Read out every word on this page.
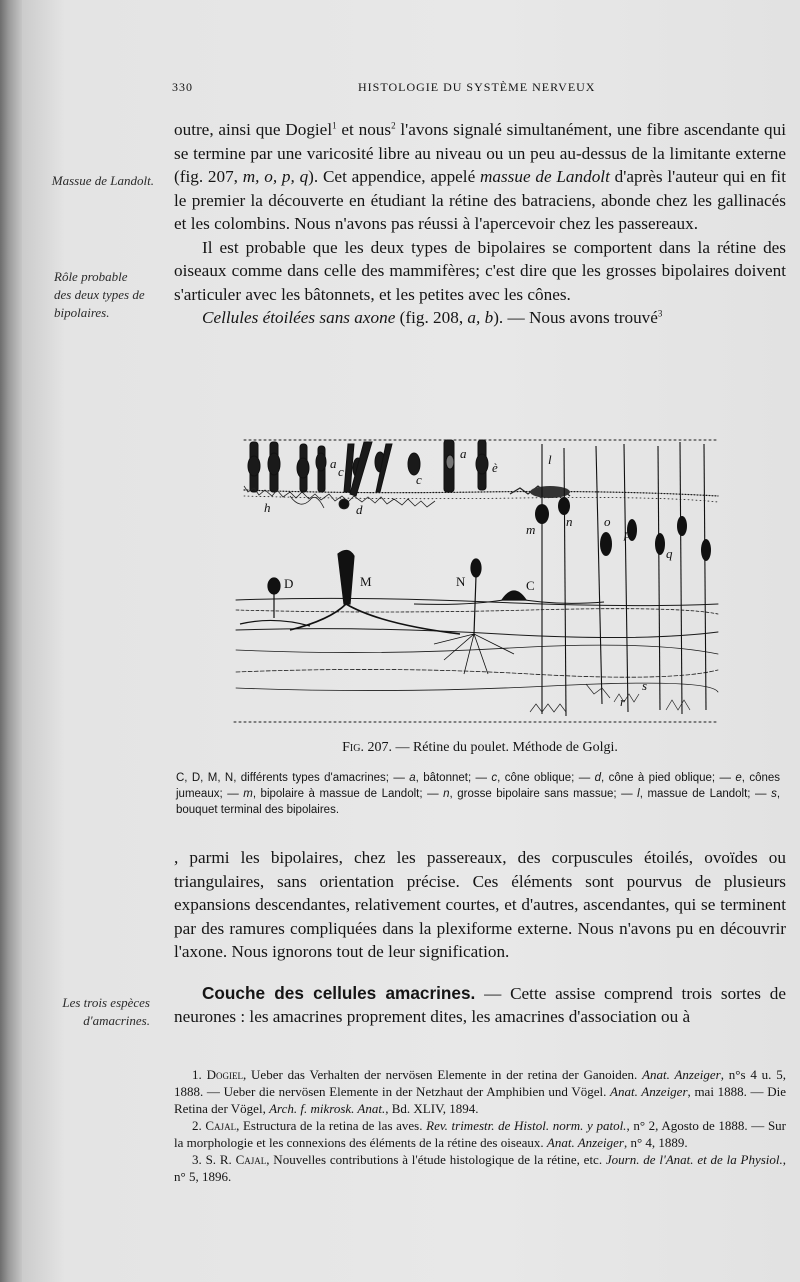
330	HISTOLOGIE DU SYSTÈME NERVEUX
Massue de Landolt.
Rôle probable des deux types de bipolaires.
Les trois espèces d'amacrines.

outre, ainsi que Dogiel$^1$ et nous$^2$ l'avons signalé simultanément, une fibre ascendante qui se termine par une varicosité libre au niveau ou un peu au-dessus de la limitante externe (fig. 207, m, o, p, q). Cet appendice, appelé massue de Landolt d'après l'auteur qui en fit le premier la découverte en étudiant la rétine des batraciens, abonde chez les gallinacés et les colombins. Nous n'avons pas réussi à l'apercevoir chez les passereaux.

Il est probable que les deux types de bipolaires se comportent dans la rétine des oiseaux comme dans celle des mammifères; c'est dire que les grosses bipolaires doivent s'articuler avec les bâtonnets, et les petites avec les cônes.

Cellules étoilées sans axone (fig. 208, a, b). — Nous avons trouvé$^3$

a
c
c
a
è
l
h	d
m
n o
p
q
s
r
D	M	N	C
Fig. 207. — Rétine du poulet. Méthode de Golgi.
C, D, M, N, différents types d'amacrines; — a, bâtonnet; — c, cône oblique; — d, cône à pied oblique; — e, cônes jumeaux; — m, bipolaire à massue de Landolt; — n, grosse bipolaire sans massue; — l, massue de Landolt; — s, bouquet terminal des bipolaires.

, parmi les bipolaires, chez les passereaux, des corpuscules étoilés, ovoïdes ou triangulaires, sans orientation précise. Ces éléments sont pourvus de plusieurs expansions descendantes, relativement courtes, et d'autres, ascendantes, qui se terminent par des ramures compliquées dans la plexiforme externe. Nous n'avons pu en découvrir l'axone. Nous ignorons tout de leur signification.

Couche des cellules amacrines. — Cette assise comprend trois sortes de neurones : les amacrines proprement dites, les amacrines d'association ou à

1. Dogiel, Ueber das Verhalten der nervösen Elemente in der retina der Ganoiden. Anat. Anzeiger, n°s 4 u. 5, 1888. — Ueber die nervösen Elemente in der Netzhaut der Amphibien und Vögel. Anat. Anzeiger, mai 1888. — Die Retina der Vögel, Arch. f. mikrosk. Anat., Bd. XLIV, 1894.

2. Cajal, Estructura de la retina de las aves. Rev. trimestr. de Histol. norm. y patol., n° 2, Agosto de 1888. — Sur la morphologie et les connexions des éléments de la rétine des oiseaux. Anat. Anzeiger, n° 4, 1889.

3. S. R. Cajal, Nouvelles contributions à l'étude histologique de la rétine, etc. Journ. de l'Anat. et de la Physiol., n° 5, 1896.
